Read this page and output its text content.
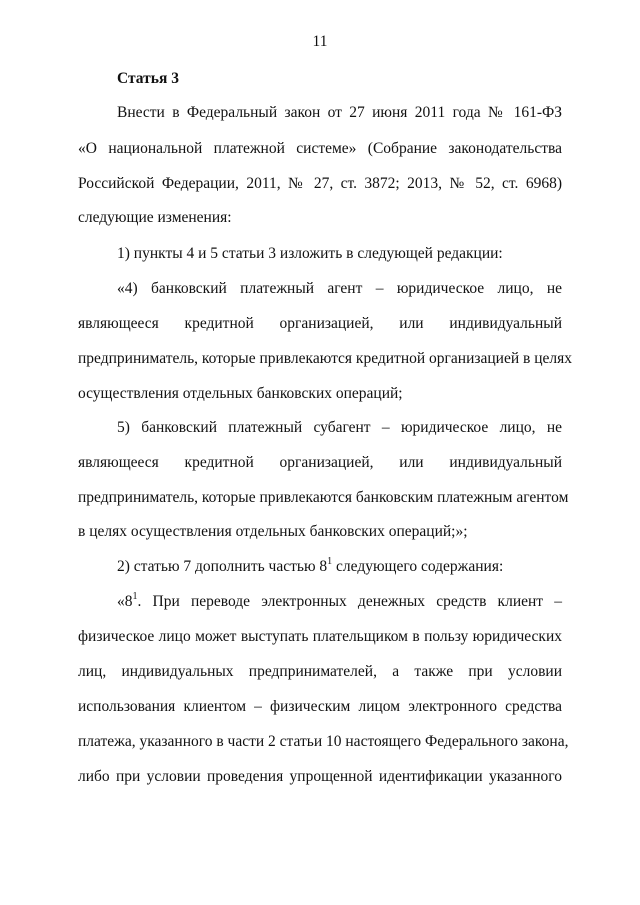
11
Статья 3
Внести в Федеральный закон от 27 июня 2011 года № 161-ФЗ
«О национальной платежной системе» (Собрание законодательства
Российской Федерации, 2011, № 27, ст. 3872; 2013, № 52, ст. 6968)
следующие изменения:
1) пункты 4 и 5 статьи 3 изложить в следующей редакции:
«4) банковский платежный агент – юридическое лицо, не
являющееся кредитной организацией, или индивидуальный
предприниматель, которые привлекаются кредитной организацией в целях
осуществления отдельных банковских операций;
5) банковский платежный субагент – юридическое лицо, не
являющееся кредитной организацией, или индивидуальный
предприниматель, которые привлекаются банковским платежным агентом
в целях осуществления отдельных банковских операций;»;
2) статью 7 дополнить частью $8^1$ следующего содержания:
«$8^1$. При переводе электронных денежных средств клиент –
физическое лицо может выступать плательщиком в пользу юридических
лиц, индивидуальных предпринимателей, а также при условии
использования клиентом – физическим лицом электронного средства
платежа, указанного в части 2 статьи 10 настоящего Федерального закона,
либо при условии проведения упрощенной идентификации указанного
